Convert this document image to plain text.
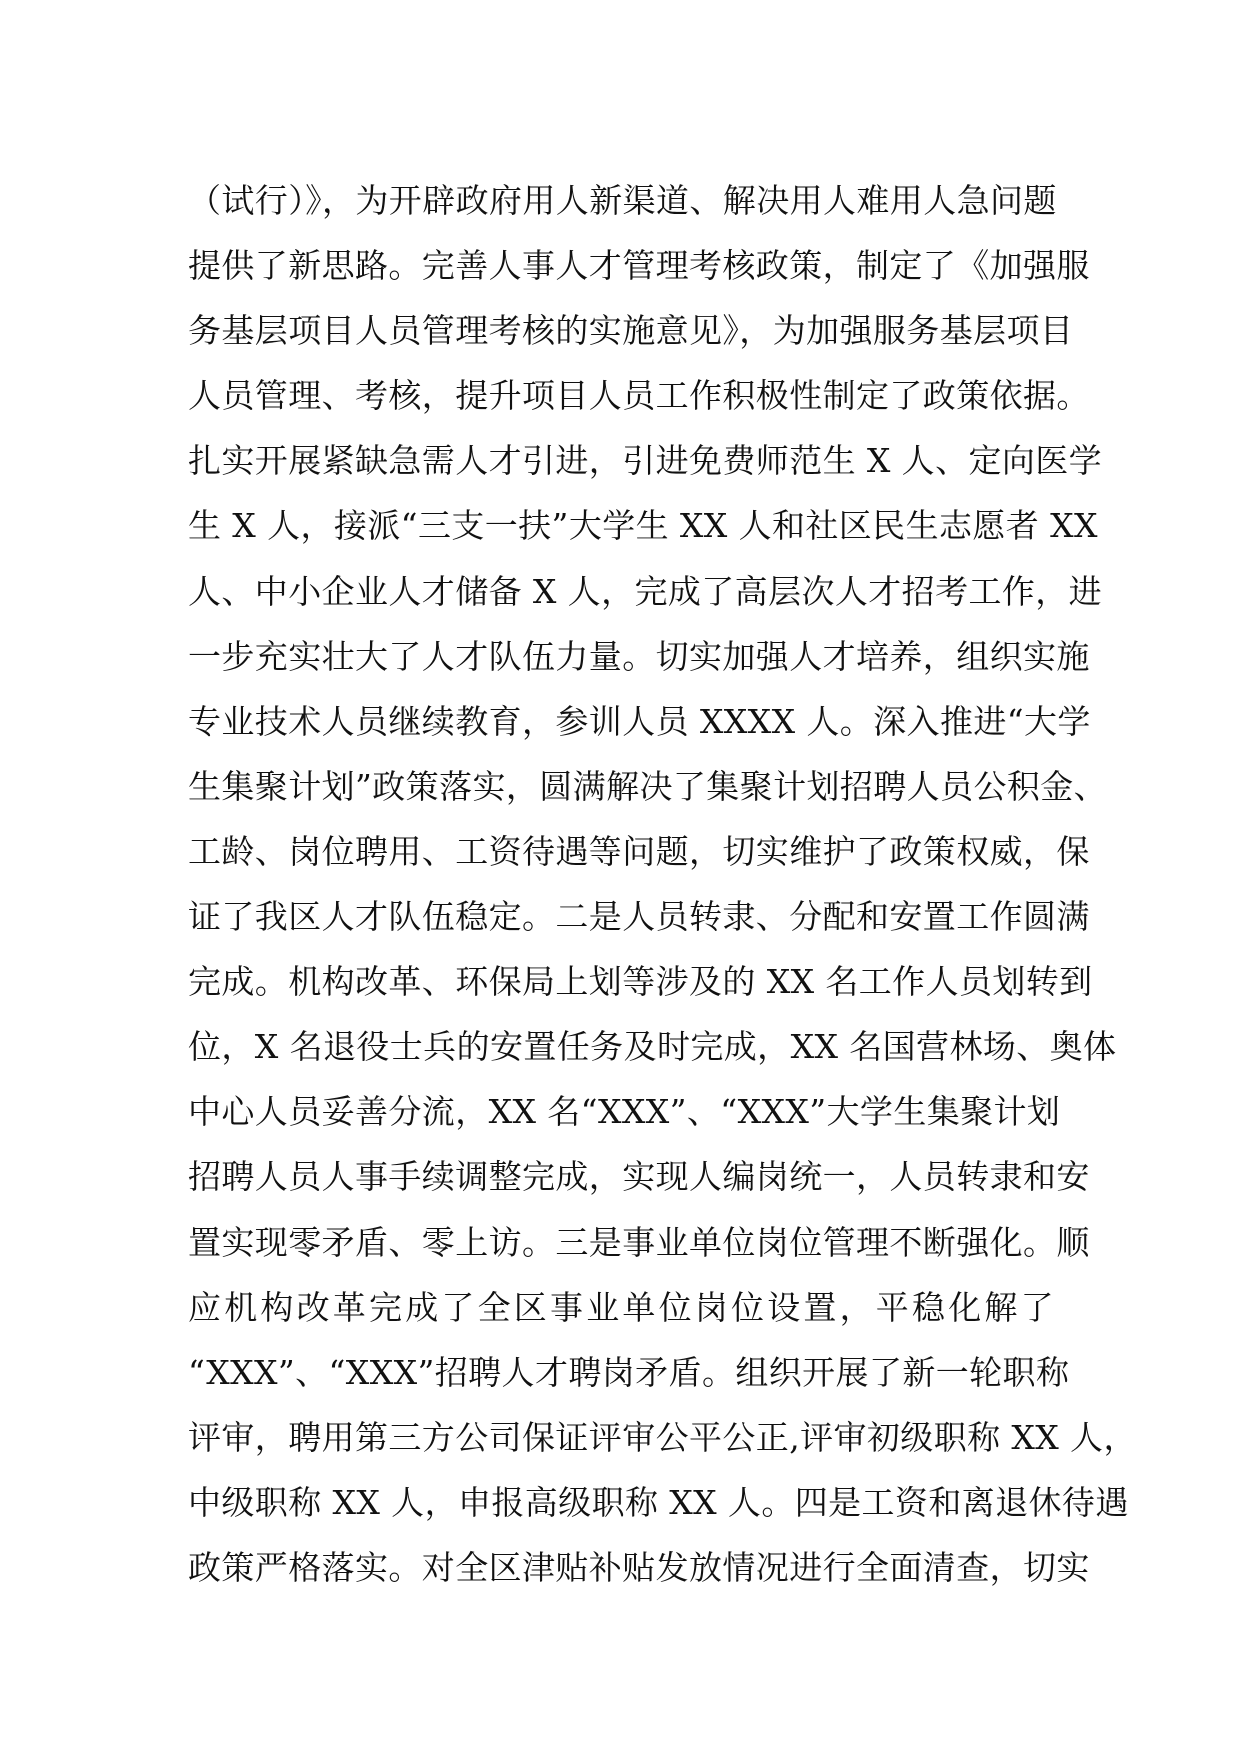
（试行）》，为开辟政府用人新渠道、解决用人难用人急问题
提供了新思路。完善人事人才管理考核政策，制定了《加强服
务基层项目人员管理考核的实施意见》，为加强服务基层项目
人员管理、考核，提升项目人员工作积极性制定了政策依据。
扎实开展紧缺急需人才引进，引进免费师范生 X 人、定向医学
生 X 人，接派“三支一扶”大学生 XX 人和社区民生志愿者 XX
人、中小企业人才储备 X 人，完成了高层次人才招考工作，进
一步充实壮大了人才队伍力量。切实加强人才培养，组织实施
专业技术人员继续教育，参训人员 XXXX 人。深入推进“大学
生集聚计划”政策落实，圆满解决了集聚计划招聘人员公积金、
工龄、岗位聘用、工资待遇等问题，切实维护了政策权威，保
证了我区人才队伍稳定。二是人员转隶、分配和安置工作圆满
完成。机构改革、环保局上划等涉及的 XX 名工作人员划转到
位，X 名退役士兵的安置任务及时完成，XX 名国营林场、奥体
中心人员妥善分流，XX 名“XXX”、“XXX”大学生集聚计划
招聘人员人事手续调整完成，实现人编岗统一，人员转隶和安
置实现零矛盾、零上访。三是事业单位岗位管理不断强化。顺
应机构改革完成了全区事业单位岗位设置，平稳化解了
“XXX”、“XXX”招聘人才聘岗矛盾。组织开展了新一轮职称
评审，聘用第三方公司保证评审公平公正,评审初级职称 XX 人，
中级职称 XX 人，申报高级职称 XX 人。四是工资和离退休待遇
政策严格落实。对全区津贴补贴发放情况进行全面清查，切实
